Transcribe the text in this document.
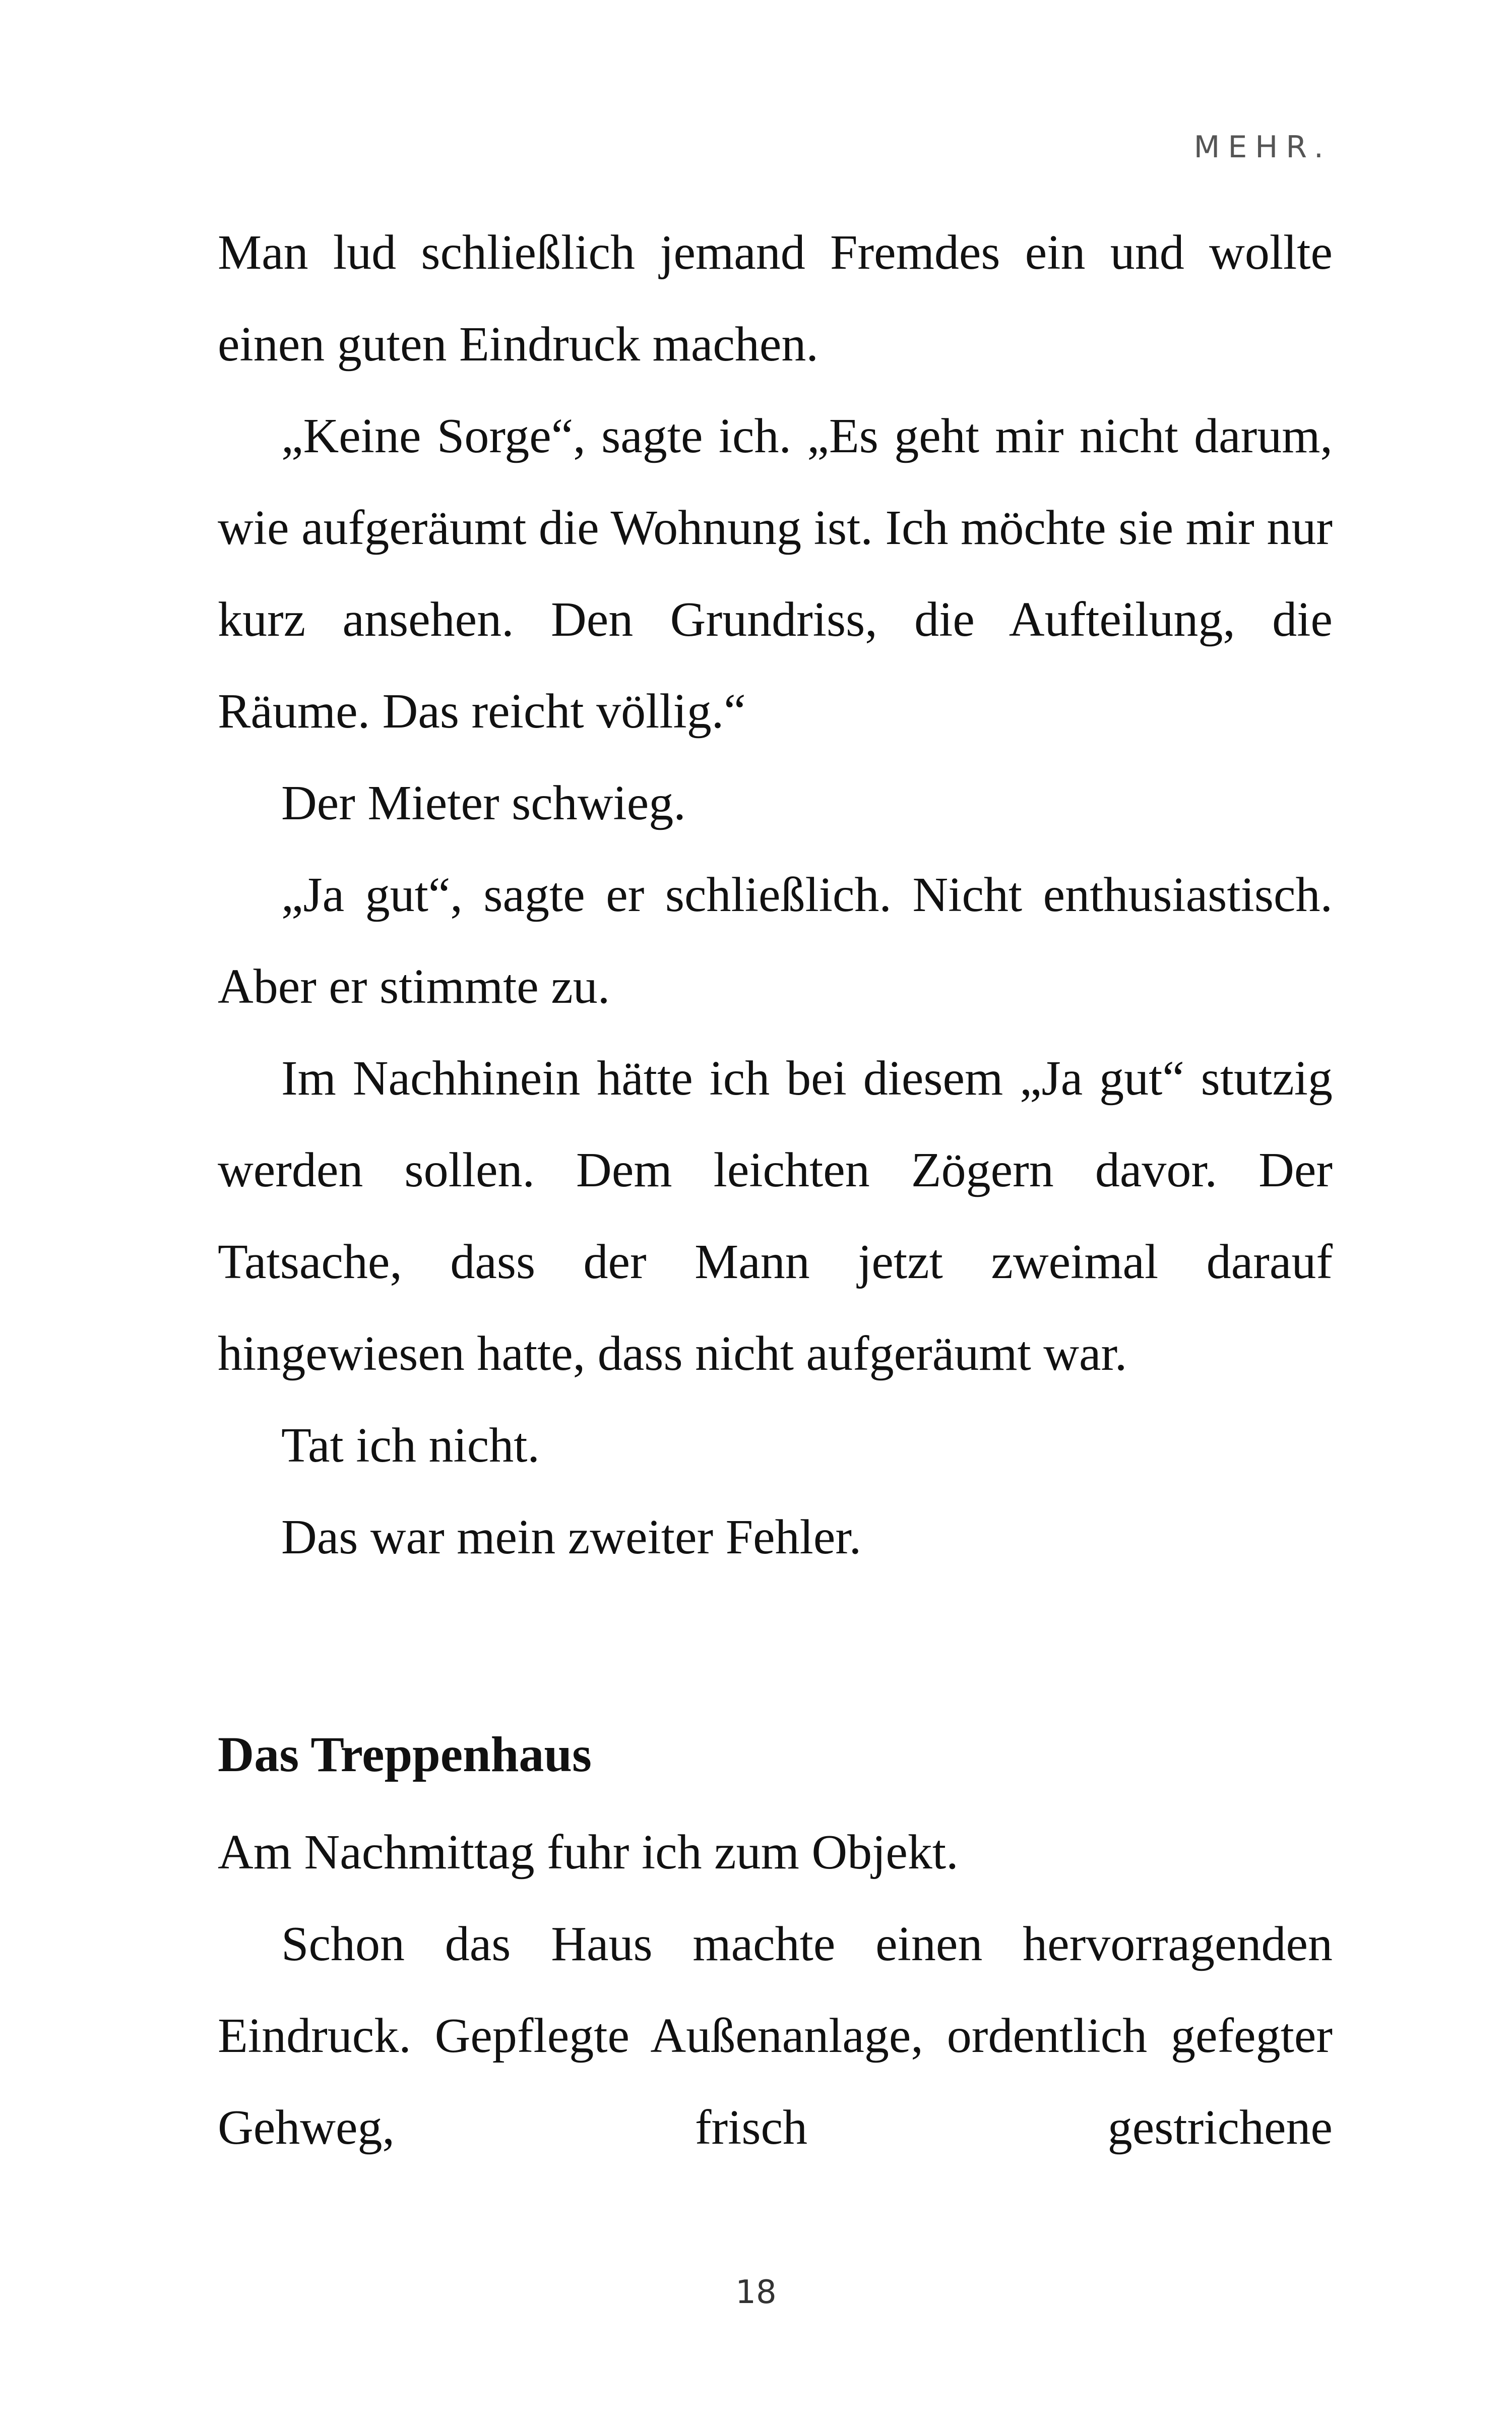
MEHR.

Man lud schließlich jemand Fremdes ein und wollte einen guten Eindruck machen.

„Keine Sorge“, sagte ich. „Es geht mir nicht darum, wie aufgeräumt die Wohnung ist. Ich möchte sie mir nur kurz ansehen. Den Grundriss, die Aufteilung, die Räume. Das reicht völlig.“

Der Mieter schwieg.

„Ja gut“, sagte er schließlich. Nicht enthusiastisch. Aber er stimmte zu.

Im Nachhinein hätte ich bei diesem „Ja gut“ stutzig werden sollen. Dem leichten Zögern davor. Der Tatsache, dass der Mann jetzt zweimal darauf hingewiesen hatte, dass nicht aufgeräumt war.

Tat ich nicht.

Das war mein zweiter Fehler.

Das Treppenhaus

Am Nachmittag fuhr ich zum Objekt.

Schon das Haus machte einen hervorragenden Eindruck. Gepflegte Außenanlage, ordentlich gefegter Gehweg, frisch gestrichene

18
